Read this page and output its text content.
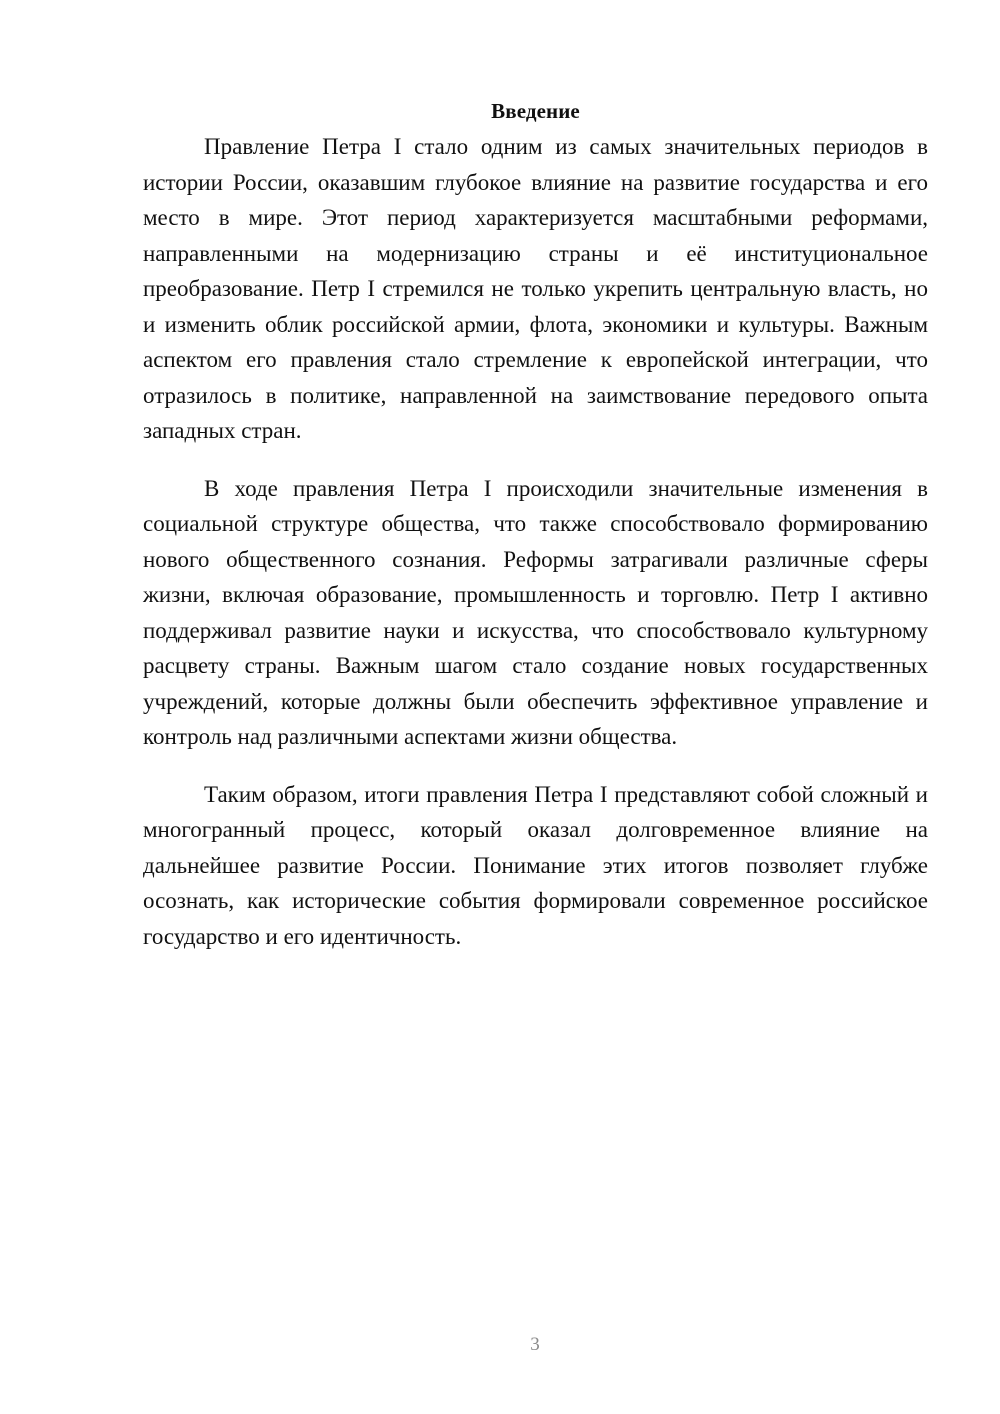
Введение

Правление Петра I стало одним из самых значительных периодов в истории России, оказавшим глубокое влияние на развитие государства и его место в мире. Этот период характеризуется масштабными реформами, направленными на модернизацию страны и её институциональное преобразование. Петр I стремился не только укрепить центральную власть, но и изменить облик российской армии, флота, экономики и культуры. Важным аспектом его правления стало стремление к европейской интеграции, что отразилось в политике, направленной на заимствование передового опыта западных стран.

В ходе правления Петра I происходили значительные изменения в социальной структуре общества, что также способствовало формированию нового общественного сознания. Реформы затрагивали различные сферы жизни, включая образование, промышленность и торговлю. Петр I активно поддерживал развитие науки и искусства, что способствовало культурному расцвету страны. Важным шагом стало создание новых государственных учреждений, которые должны были обеспечить эффективное управление и контроль над различными аспектами жизни общества.

Таким образом, итоги правления Петра I представляют собой сложный и многогранный процесс, который оказал долговременное влияние на дальнейшее развитие России. Понимание этих итогов позволяет глубже осознать, как исторические события формировали современное российское государство и его идентичность.

3
